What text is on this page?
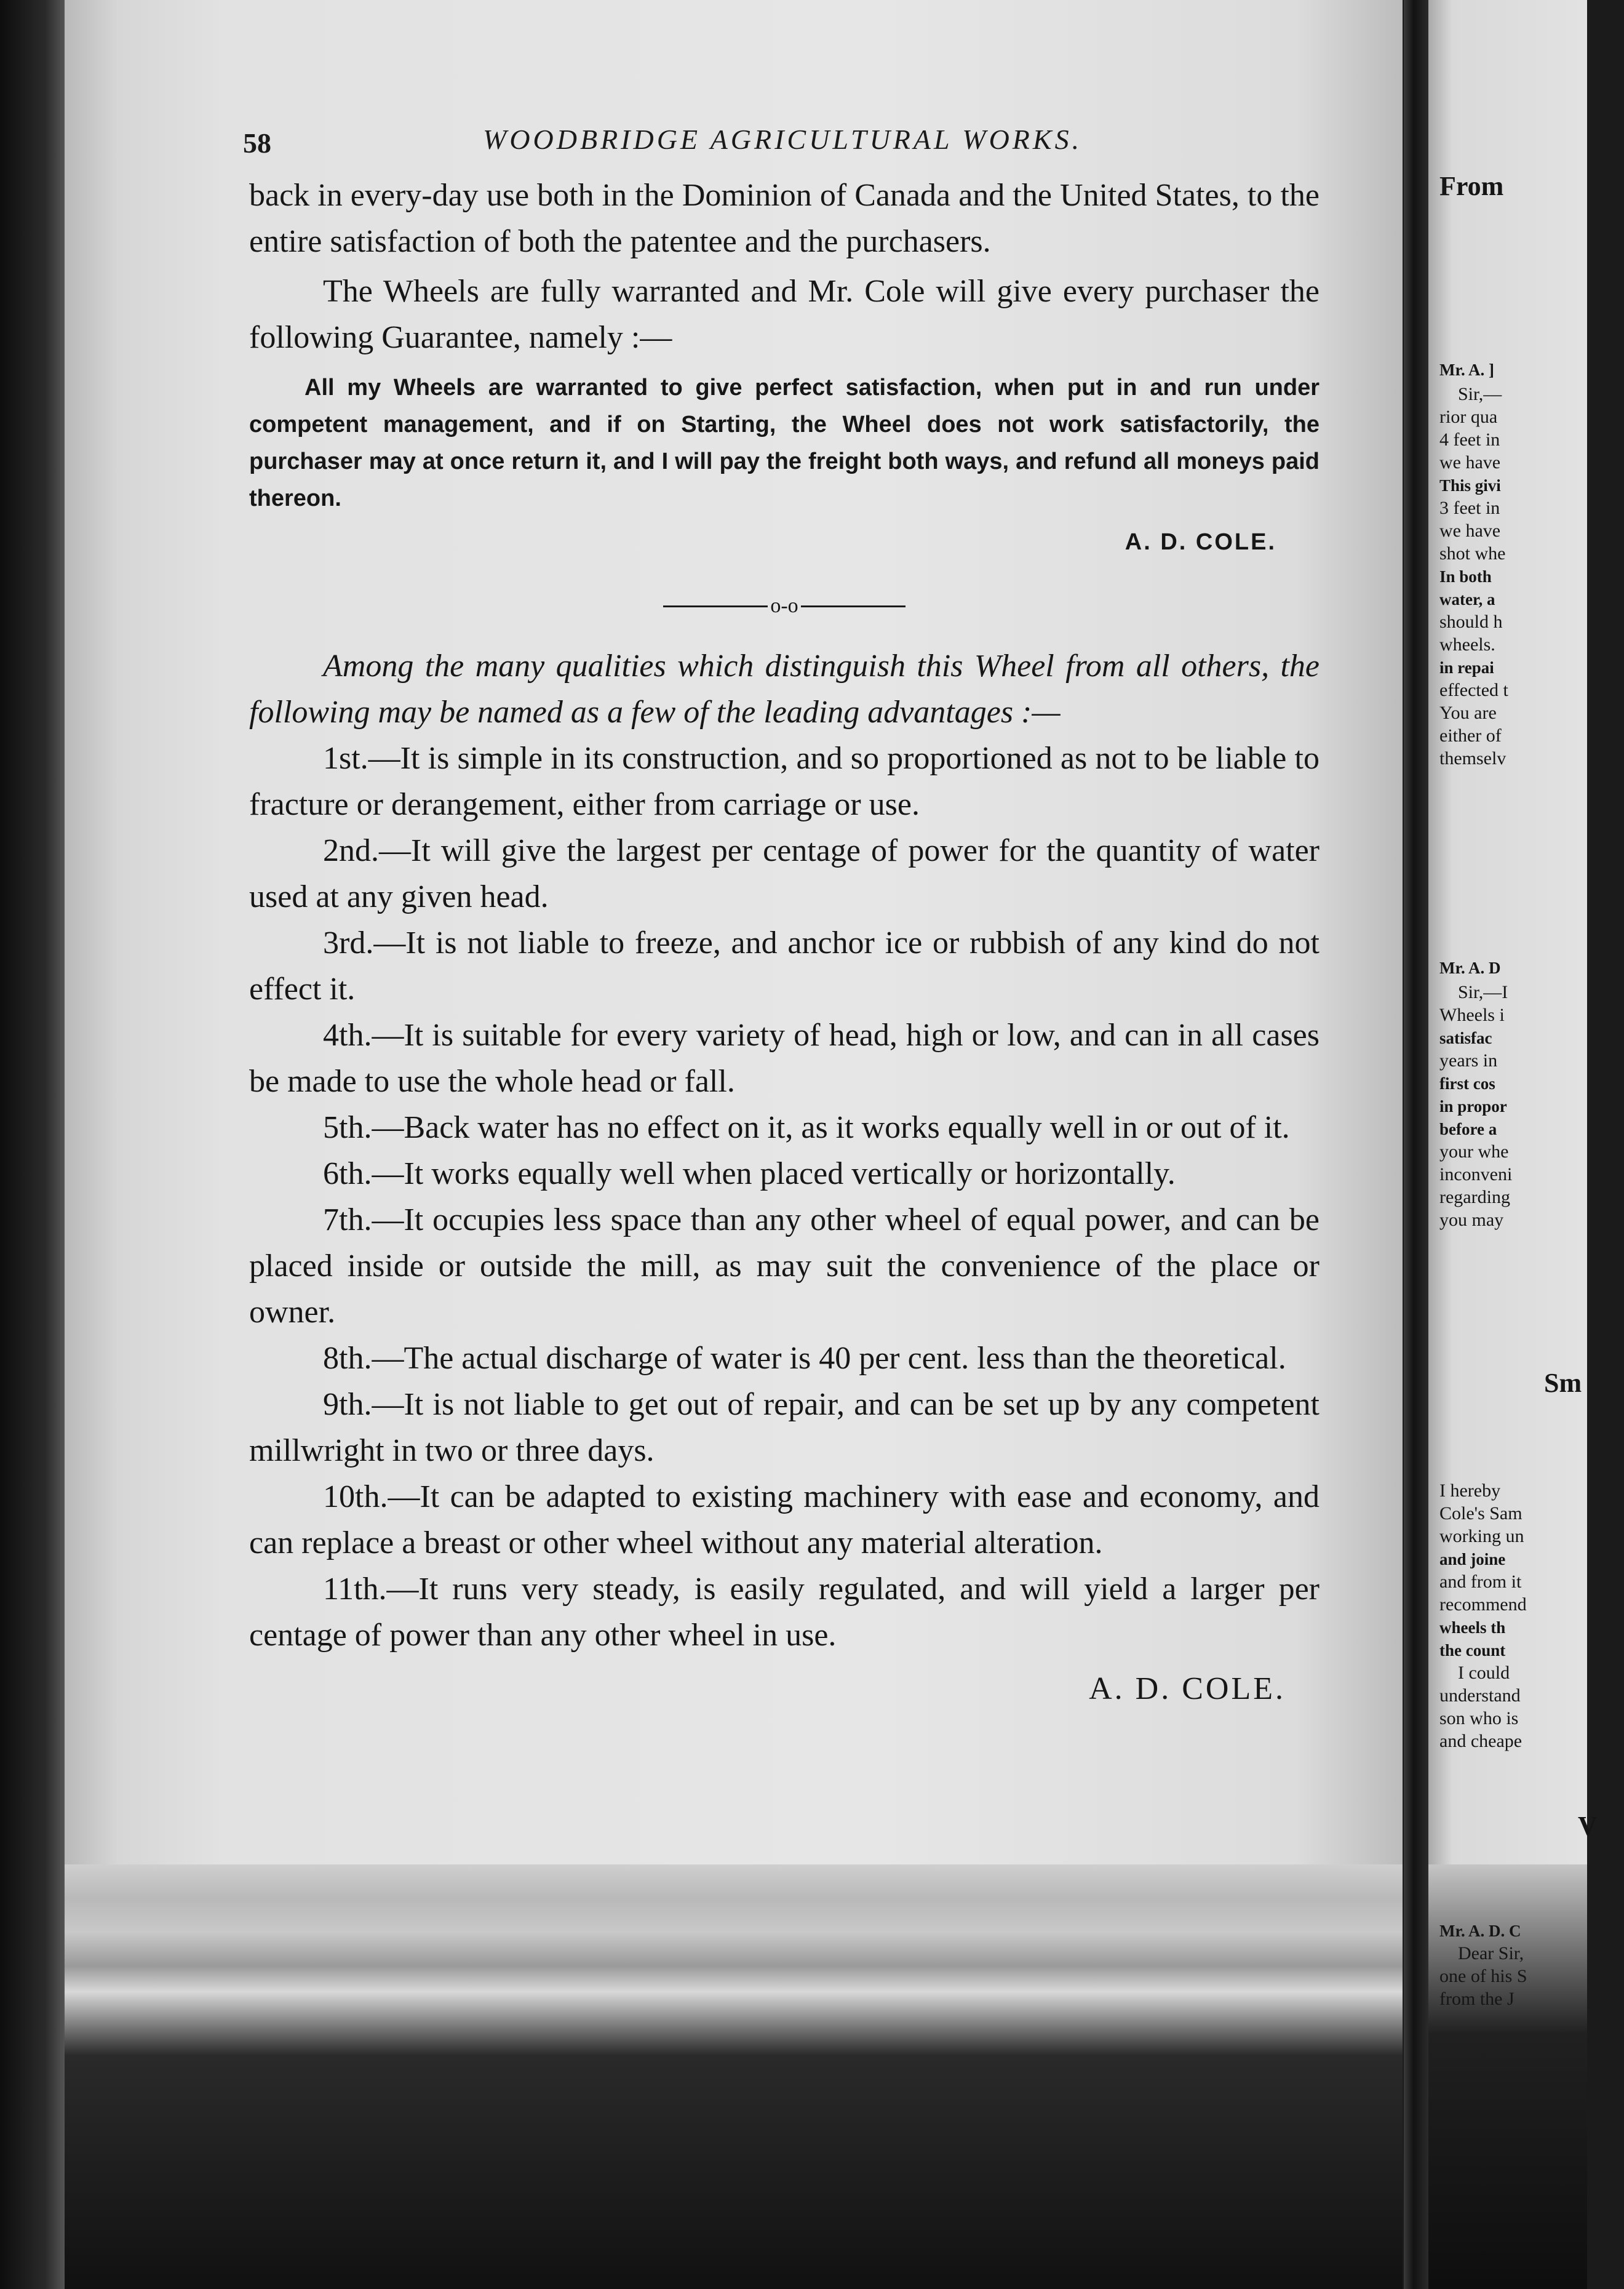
58	WOODBRIDGE AGRICULTURAL WORKS.

back in every-day use both in the Dominion of Canada and the United States, to the entire satisfaction of both the patentee and the purchasers.

The Wheels are fully warranted and Mr. Cole will give every purchaser the following Guarantee, namely :—

All my Wheels are warranted to give perfect satisfaction, when put in and run under competent management, and if on Starting, the Wheel does not work satisfactorily, the purchaser may at once return it, and I will pay the freight both ways, and refund all moneys paid thereon.

A. D. COLE.

o-o

Among the many qualities which distinguish this Wheel from all others, the following may be named as a few of the leading advantages :—

1st.—It is simple in its construction, and so proportioned as not to be liable to fracture or derangement, either from carriage or use.

2nd.—It will give the largest per centage of power for the quantity of water used at any given head.

3rd.—It is not liable to freeze, and anchor ice or rubbish of any kind do not effect it.

4th.—It is suitable for every variety of head, high or low, and can in all cases be made to use the whole head or fall.

5th.—Back water has no effect on it, as it works equally well in or out of it.

6th.—It works equally well when placed vertically or horizontally.

7th.—It occupies less space than any other wheel of equal power, and can be placed inside or outside the mill, as may suit the convenience of the place or owner.

8th.—The actual discharge of water is 40 per cent. less than the theoretical.

9th.—It is not liable to get out of repair, and can be set up by any competent millwright in two or three days.

10th.—It can be adapted to existing machinery with ease and economy, and can replace a breast or other wheel without any material alteration.

11th.—It runs very steady, is easily regulated, and will yield a larger per centage of power than any other wheel in use.

A. D. COLE.

From
Mr. A. ]
Sir,—
rior qua
4 feet in
we have
This givi
3 feet in
we have
shot whe
In both
water, a
should h
wheels.
in repai
effected t
You are
either of
themselv
Mr. A. D
Sir,—I
Wheels i
satisfac
years in
first cos
in propor
before a
your whe
inconveni
regarding
you may
Sm
I hereby
Cole's Sam
working un
and joine
and from it
recommend
wheels th
the count
I could
understand
son who is
and cheape
V
Mr. A. D. C
Dear Sir,
one of his S
from the J
